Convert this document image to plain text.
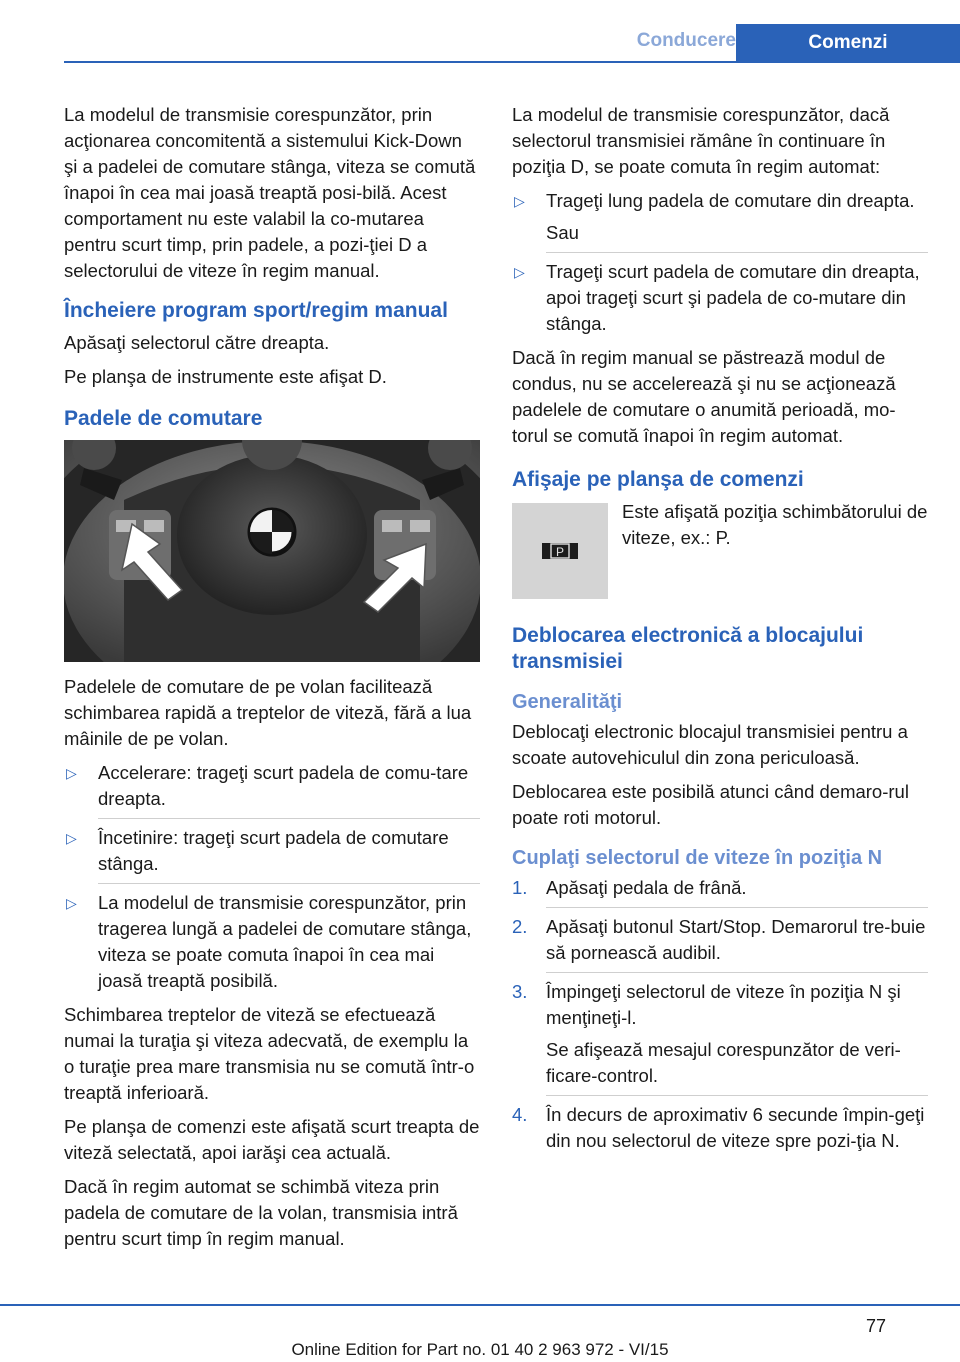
Conducere	Comenzi

La modelul de transmisie corespunzător, prin acţionarea concomitentă a sistemului Kick-Down şi a padelei de comutare stânga, viteza se comută înapoi în cea mai joasă treaptă posi‐bilă. Acest comportament nu este valabil la co‐mutarea pentru scurt timp, prin padele, a pozi‐ţiei D a selectorului de viteze în regim manual.

Încheiere program sport/regim manual

Apăsaţi selectorul către dreapta.

Pe planşa de instrumente este afişat D.

Padele de comutare

Padelele de comutare de pe volan facilitează schimbarea rapidă a treptelor de viteză, fără a lua mâinile de pe volan.

▷ Accelerare: trageţi scurt padela de comu‐tare dreapta.
▷ Încetinire: trageţi scurt padela de comutare stânga.
▷ La modelul de transmisie corespunzător, prin tragerea lungă a padelei de comutare stânga, viteza se poate comuta înapoi în cea mai joasă treaptă posibilă.

Schimbarea treptelor de viteză se efectuează numai la turaţia şi viteza adecvată, de exemplu la o turaţie prea mare transmisia nu se comută într-o treaptă inferioară.

Pe planşa de comenzi este afişată scurt treapta de viteză selectată, apoi iarăşi cea actuală.

Dacă în regim automat se schimbă viteza prin padela de comutare de la volan, transmisia intră pentru scurt timp în regim manual.

La modelul de transmisie corespunzător, dacă selectorul transmisiei rămâne în continuare în poziţia D, se poate comuta în regim automat:

▷ Trageţi lung padela de comutare din dreapta.
Sau
▷ Trageţi scurt padela de comutare din dreapta, apoi trageţi scurt şi padela de co‐mutare din stânga.

Dacă în regim manual se păstrează modul de condus, nu se accelerează şi nu se acţionează padelele de comutare o anumită perioadă, mo‐torul se comută înapoi în regim automat.

Afişaje pe planşa de comenzi
P

Este afişată poziţia schimbătorului de viteze, ex.: P.

Deblocarea electronică a blocajului transmisiei
Generalităţi

Deblocaţi electronic blocajul transmisiei pentru a scoate autovehiculul din zona periculoasă.

Deblocarea este posibilă atunci când demaro‐rul poate roti motorul.

Cuplaţi selectorul de viteze în poziţia N
1. Apăsaţi pedala de frână.
2. Apăsaţi butonul Start/Stop. Demarorul tre‐buie să pornească audibil.
3. Împingeţi selectorul de viteze în poziţia N şi menţineţi-l.
Se afişează mesajul corespunzător de veri‐ficare-control.
4. În decurs de aproximativ 6 secunde împin‐geţi din nou selectorul de viteze spre pozi‐ţia N.
77
Online Edition for Part no. 01 40 2 963 972 - VI/15
